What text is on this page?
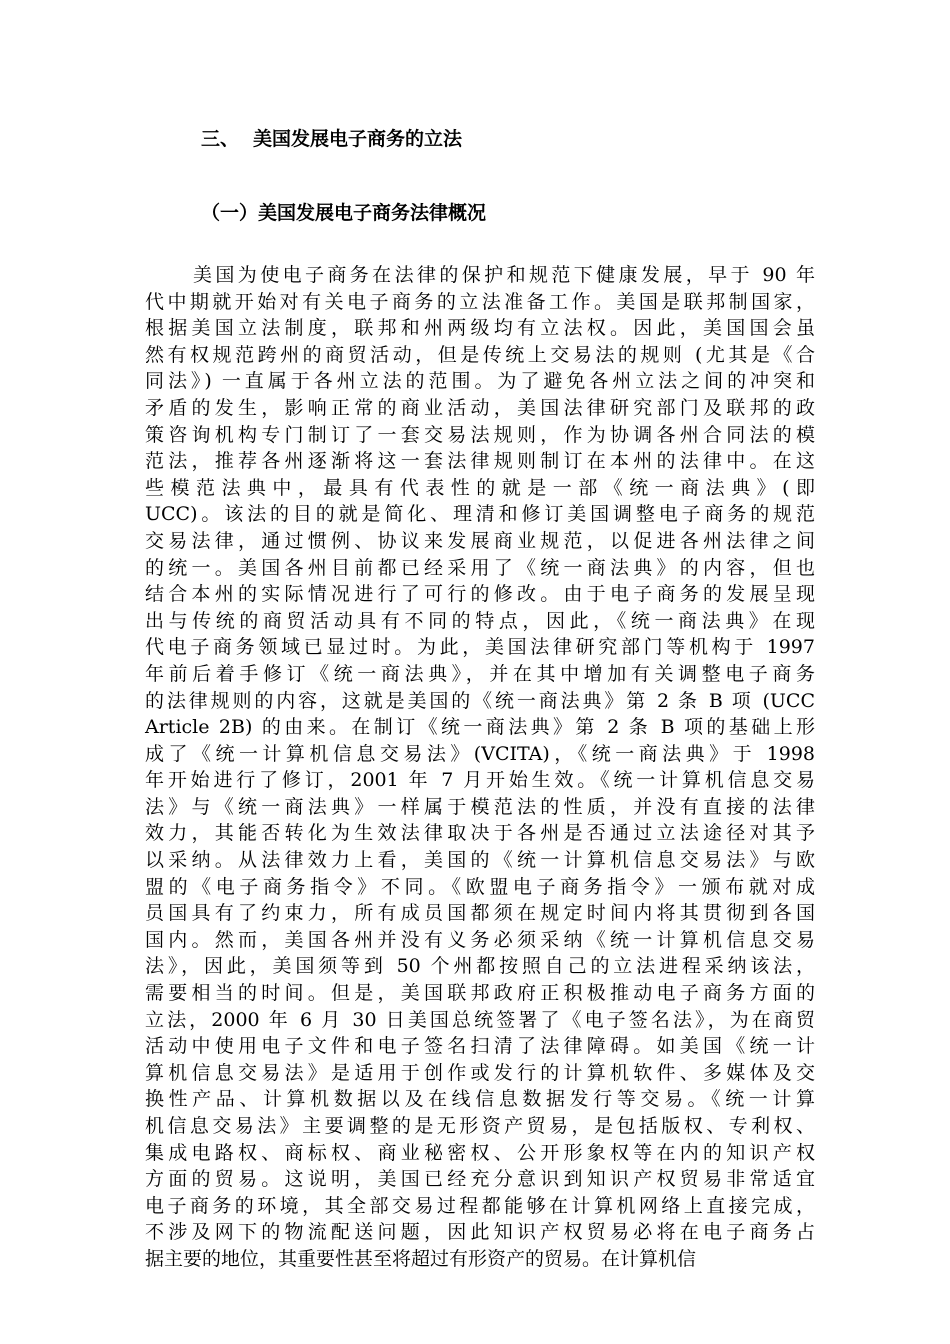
三、 美国发展电子商务的立法
（一）美国发展电子商务法律概况
美国为使电子商务在法律的保护和规范下健康发展，早于 90 年
代中期就开始对有关电子商务的立法准备工作。美国是联邦制国家，
根据美国立法制度，联邦和州两级均有立法权。因此，美国国会虽
然有权规范跨州的商贸活动，但是传统上交易法的规则 (尤其是《合
同法》) 一直属于各州立法的范围。为了避免各州立法之间的冲突和
矛盾的发生，影响正常的商业活动，美国法律研究部门及联邦的政
策咨询机构专门制订了一套交易法规则，作为协调各州合同法的模
范法，推荐各州逐渐将这一套法律规则制订在本州的法律中。在这
些模范法典中，最具有代表性的就是一部《统一商法典》(即
UCC)。该法的目的就是简化、理清和修订美国调整电子商务的规范
交易法律，通过惯例、协议来发展商业规范，以促进各州法律之间
的统一。美国各州目前都已经采用了《统一商法典》的内容，但也
结合本州的实际情况进行了可行的修改。由于电子商务的发展呈现
出与传统的商贸活动具有不同的特点，因此，《统一商法典》在现
代电子商务领域已显过时。为此，美国法律研究部门等机构于 1997
年前后着手修订《统一商法典》，并在其中增加有关调整电子商务
的法律规则的内容，这就是美国的《统一商法典》第 2 条 B 项 (UCC
Article 2B) 的由来。在制订《统一商法典》第 2 条 B 项的基础上形
成了《统一计算机信息交易法》(VCITA)，《统一商法典》于 1998
年开始进行了修订，2001 年 7 月开始生效。《统一计算机信息交易
法》与《统一商法典》一样属于模范法的性质，并没有直接的法律
效力，其能否转化为生效法律取决于各州是否通过立法途径对其予
以采纳。从法律效力上看，美国的《统一计算机信息交易法》与欧
盟的《电子商务指令》不同。《欧盟电子商务指令》一颁布就对成
员国具有了约束力，所有成员国都须在规定时间内将其贯彻到各国
国内。然而，美国各州并没有义务必须采纳《统一计算机信息交易
法》，因此，美国须等到 50 个州都按照自己的立法进程采纳该法，
需要相当的时间。但是，美国联邦政府正积极推动电子商务方面的
立法，2000 年 6 月 30 日美国总统签署了《电子签名法》，为在商贸
活动中使用电子文件和电子签名扫清了法律障碍。如美国《统一计
算机信息交易法》是适用于创作或发行的计算机软件、多媒体及交
换性产品、计算机数据以及在线信息数据发行等交易。《统一计算
机信息交易法》主要调整的是无形资产贸易，是包括版权、专利权、
集成电路权、商标权、商业秘密权、公开形象权等在内的知识产权
方面的贸易。这说明，美国已经充分意识到知识产权贸易非常适宜
电子商务的环境，其全部交易过程都能够在计算机网络上直接完成，
不涉及网下的物流配送问题，因此知识产权贸易必将在电子商务占
据主要的地位，其重要性甚至将超过有形资产的贸易。在计算机信
